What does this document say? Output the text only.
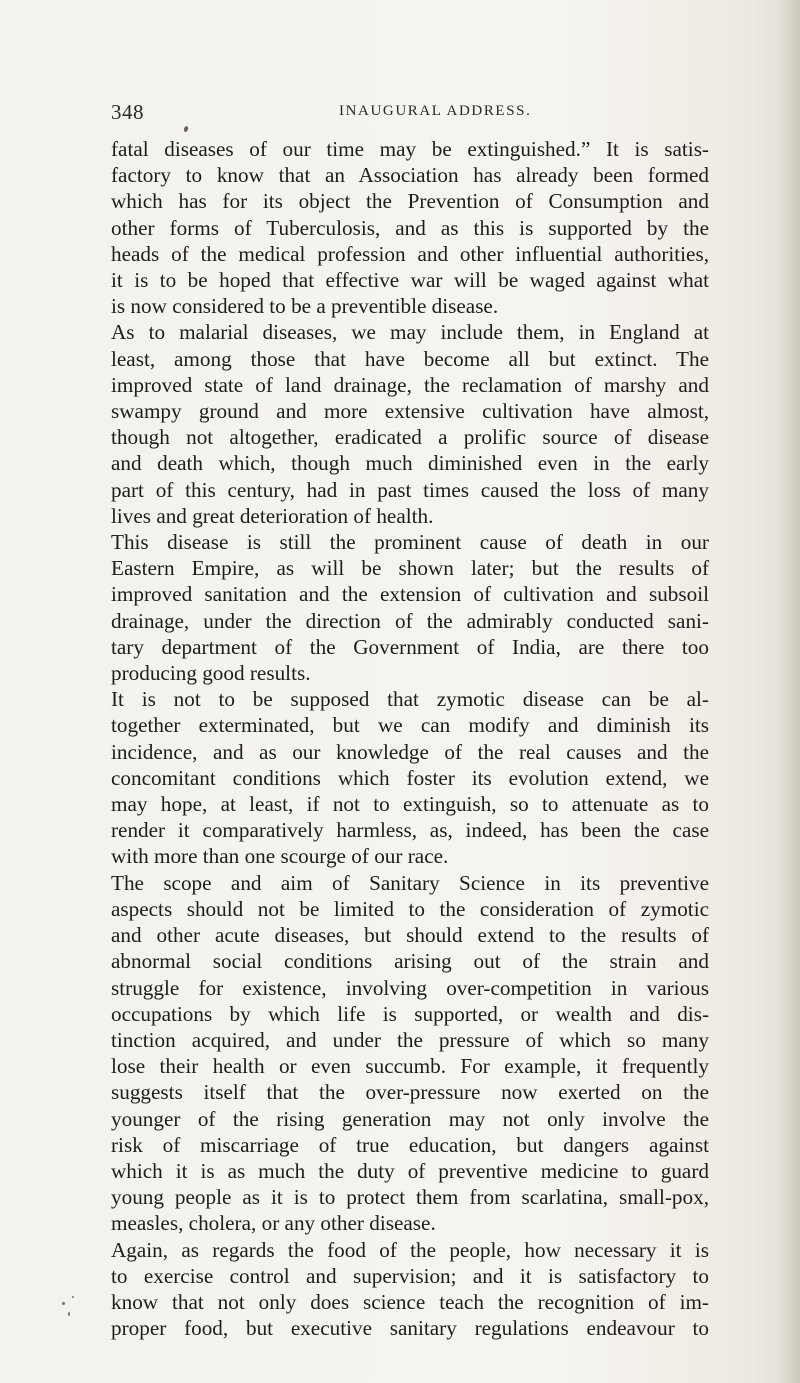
348	INAUGURAL ADDRESS.

fatal diseases of our time may be extinguished.” It is satis-
factory to know that an Association has already been formed
which has for its object the Prevention of Consumption and
other forms of Tuberculosis, and as this is supported by the
heads of the medical profession and other influential authorities,
it is to be hoped that effective war will be waged against what
is now considered to be a preventible disease.

As to malarial diseases, we may include them, in England at
least, among those that have become all but extinct. The
improved state of land drainage, the reclamation of marshy and
swampy ground and more extensive cultivation have almost,
though not altogether, eradicated a prolific source of disease
and death which, though much diminished even in the early
part of this century, had in past times caused the loss of many
lives and great deterioration of health.

This disease is still the prominent cause of death in our
Eastern Empire, as will be shown later; but the results of
improved sanitation and the extension of cultivation and subsoil
drainage, under the direction of the admirably conducted sani-
tary department of the Government of India, are there too
producing good results.

It is not to be supposed that zymotic disease can be al-
together exterminated, but we can modify and diminish its
incidence, and as our knowledge of the real causes and the
concomitant conditions which foster its evolution extend, we
may hope, at least, if not to extinguish, so to attenuate as to
render it comparatively harmless, as, indeed, has been the case
with more than one scourge of our race.

The scope and aim of Sanitary Science in its preventive
aspects should not be limited to the consideration of zymotic
and other acute diseases, but should extend to the results of
abnormal social conditions arising out of the strain and
struggle for existence, involving over-competition in various
occupations by which life is supported, or wealth and dis-
tinction acquired, and under the pressure of which so many
lose their health or even succumb. For example, it frequently
suggests itself that the over-pressure now exerted on the
younger of the rising generation may not only involve the
risk of miscarriage of true education, but dangers against
which it is as much the duty of preventive medicine to guard
young people as it is to protect them from scarlatina, small-pox,
measles, cholera, or any other disease.

Again, as regards the food of the people, how necessary it is
to exercise control and supervision; and it is satisfactory to
know that not only does science teach the recognition of im-
proper food, but executive sanitary regulations endeavour to
